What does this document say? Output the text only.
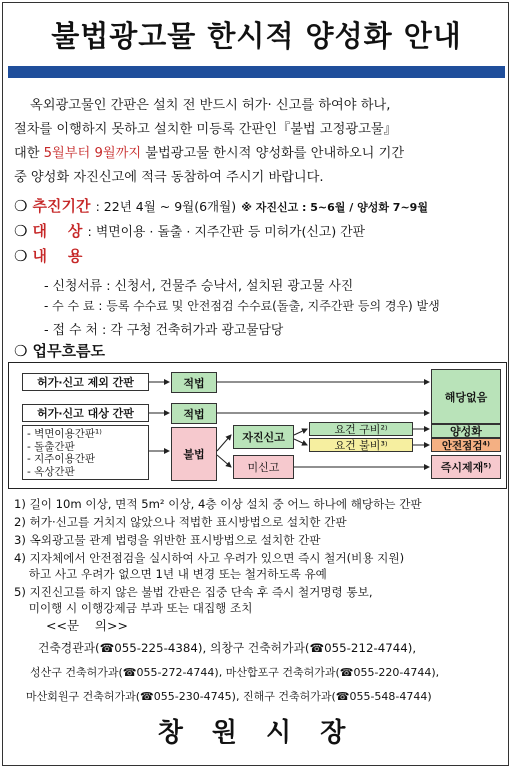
불법광고물 한시적 양성화 안내
옥외광고물인 간판은 설치 전 반드시 허가· 신고를 하여야 하나,
절차를 이행하지 못하고 설치한 미등록 간판인『불법 고정광고물』
대한 5월부터 9월까지 불법광고물 한시적 양성화를 안내하오니 기간
중 양성화 자진신고에 적극 동참하여 주시기 바랍니다.
❍ 추진기간 : 22년 4월 ~ 9월(6개월) ※ 자진신고 : 5~6월 / 양성화 7~9월
❍ 대    상 : 벽면이용 · 돌출 · 지주간판 등 미허가(신고) 간판
❍ 내    용
- 신청서류 : 신청서, 건물주 승낙서, 설치된 광고물 사진
- 수 수 료 : 등록 수수료 및 안전점검 수수료(돌출, 지주간판 등의 경우) 발생
- 접 수 처 : 각 구청 건축허가과 광고물담당
❍ 업무흐름도
허가·신고 제외 간판
허가·신고 대상 간판
- 벽면이용간판¹⁾
- 돌출간판
- 지주이용간판
- 옥상간판
적법
적법
불법
자진신고
미신고
요건 구비²⁾
요건 불비³⁾
해당없음
양성화
안전점검⁴⁾
즉시제재⁵⁾
1) 길이 10m 이상, 면적 5m² 이상, 4층 이상 설치 중 어느 하나에 해당하는 간판
2) 허가·신고를 거치지 않았으나 적법한 표시방법으로 설치한 간판
3) 옥외광고물 관계 법령을 위반한 표시방법으로 설치한 간판
4) 지자체에서 안전점검을 실시하여 사고 우려가 있으면 즉시 철거(비용 지원)
하고 사고 우려가 없으면 1년 내 변경 또는 철거하도록 유예
5) 지진신고를 하지 않은 불법 간판은 집중 단속 후 즉시 철거명령 통보,
미이행 시 이행강제금 부과 또는 대집행 조치
<<문    의>>
건축경관과(☎055-225-4384), 의창구 건축허가과(☎055-212-4744),
성산구 건축허가과(☎055-272-4744), 마산합포구 건축허가과(☎055-220-4744),
마산회원구 건축허가과(☎055-230-4745), 진해구 건축허가과(☎055-548-4744)
창 원 시 장
